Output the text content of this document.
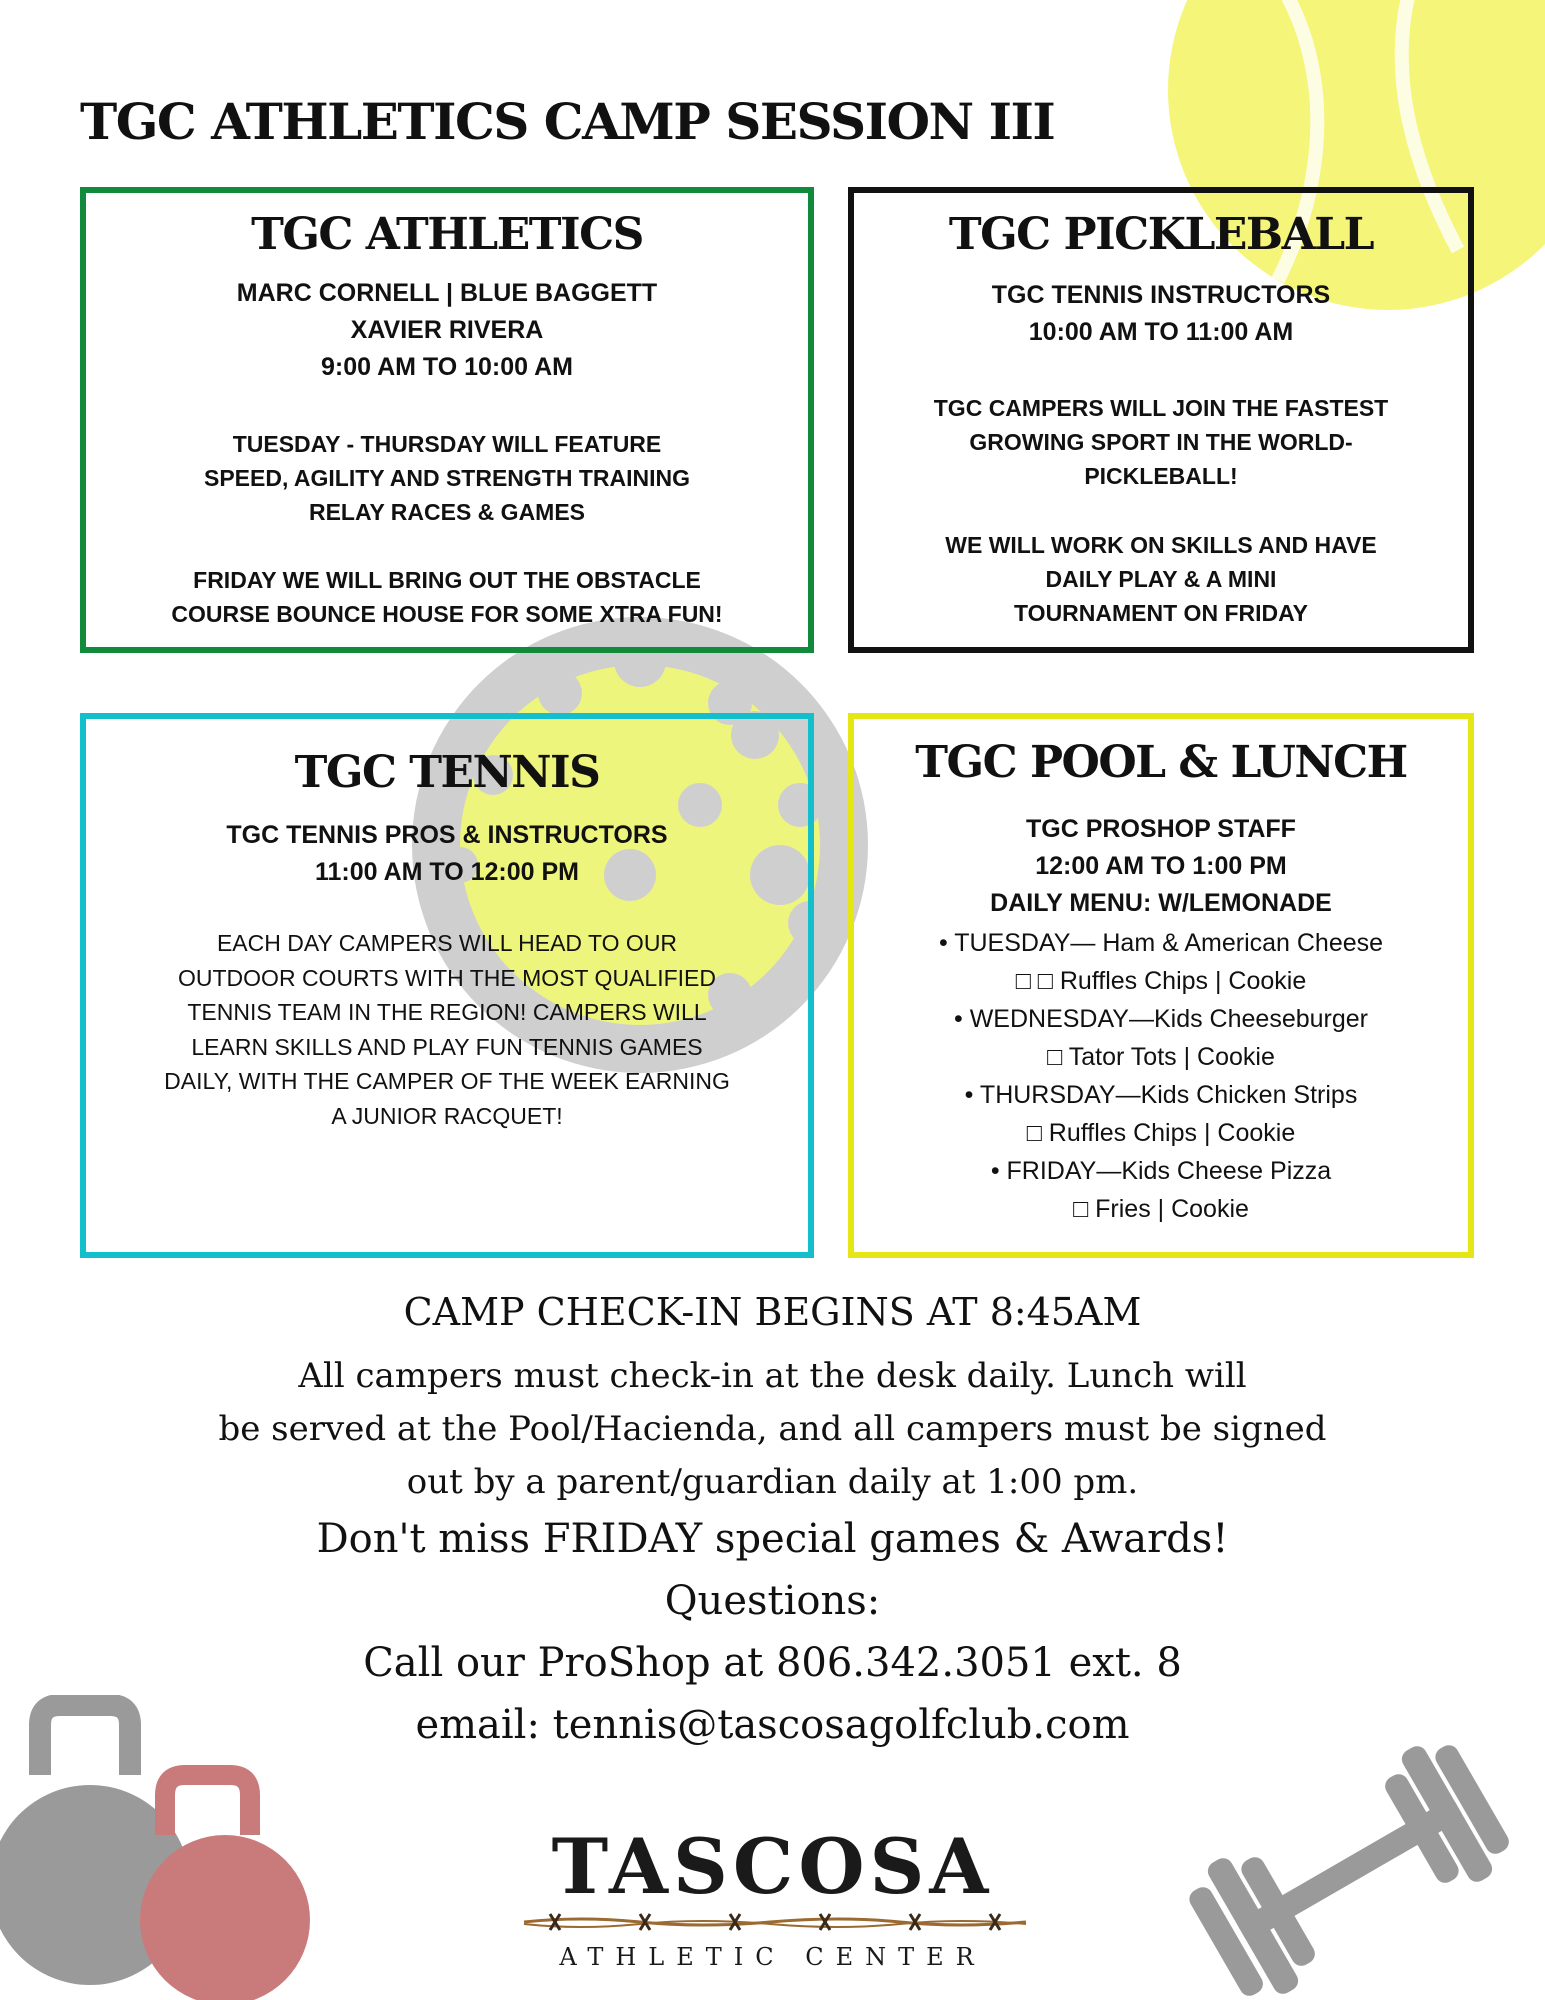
TGC ATHLETICS CAMP SESSION III
TGC ATHLETICS
MARC CORNELL | BLUE BAGGETT
XAVIER RIVERA
9:00 AM TO 10:00 AM
TUESDAY - THURSDAY WILL FEATURE
SPEED, AGILITY AND STRENGTH TRAINING
RELAY RACES & GAMES
FRIDAY WE WILL BRING OUT THE OBSTACLE
COURSE BOUNCE HOUSE FOR SOME XTRA FUN!
TGC PICKLEBALL
TGC TENNIS INSTRUCTORS
10:00 AM TO 11:00 AM
TGC CAMPERS WILL JOIN THE FASTEST
GROWING SPORT IN THE WORLD-
PICKLEBALL!
WE WILL WORK ON SKILLS AND HAVE
DAILY PLAY & A MINI
TOURNAMENT ON FRIDAY
TGC TENNIS
TGC TENNIS PROS & INSTRUCTORS
11:00 AM TO 12:00 PM
EACH DAY CAMPERS WILL HEAD TO OUR
OUTDOOR COURTS WITH THE MOST QUALIFIED
TENNIS TEAM IN THE REGION! CAMPERS WILL
LEARN SKILLS AND PLAY FUN TENNIS GAMES
DAILY, WITH THE CAMPER OF THE WEEK EARNING
A JUNIOR RACQUET!
TGC POOL & LUNCH
TGC PROSHOP STAFF
12:00 AM TO 1:00 PM
DAILY MENU: W/LEMONADE
• TUESDAY— Ham & American Cheese
□ □ Ruffles Chips | Cookie
• WEDNESDAY—Kids Cheeseburger
□ Tator Tots | Cookie
• THURSDAY—Kids Chicken Strips
□ Ruffles Chips | Cookie
• FRIDAY—Kids Cheese Pizza
□ Fries | Cookie
CAMP CHECK-IN BEGINS AT 8:45AM
All campers must check-in at the desk daily. Lunch will
be served at the Pool/Hacienda, and all campers must be signed
out by a parent/guardian daily at 1:00 pm.
Don't miss FRIDAY special games & Awards!
Questions:
Call our ProShop at 806.342.3051 ext. 8
email: tennis@tascosagolfclub.com
TASCOSA
ATHLETIC CENTER
